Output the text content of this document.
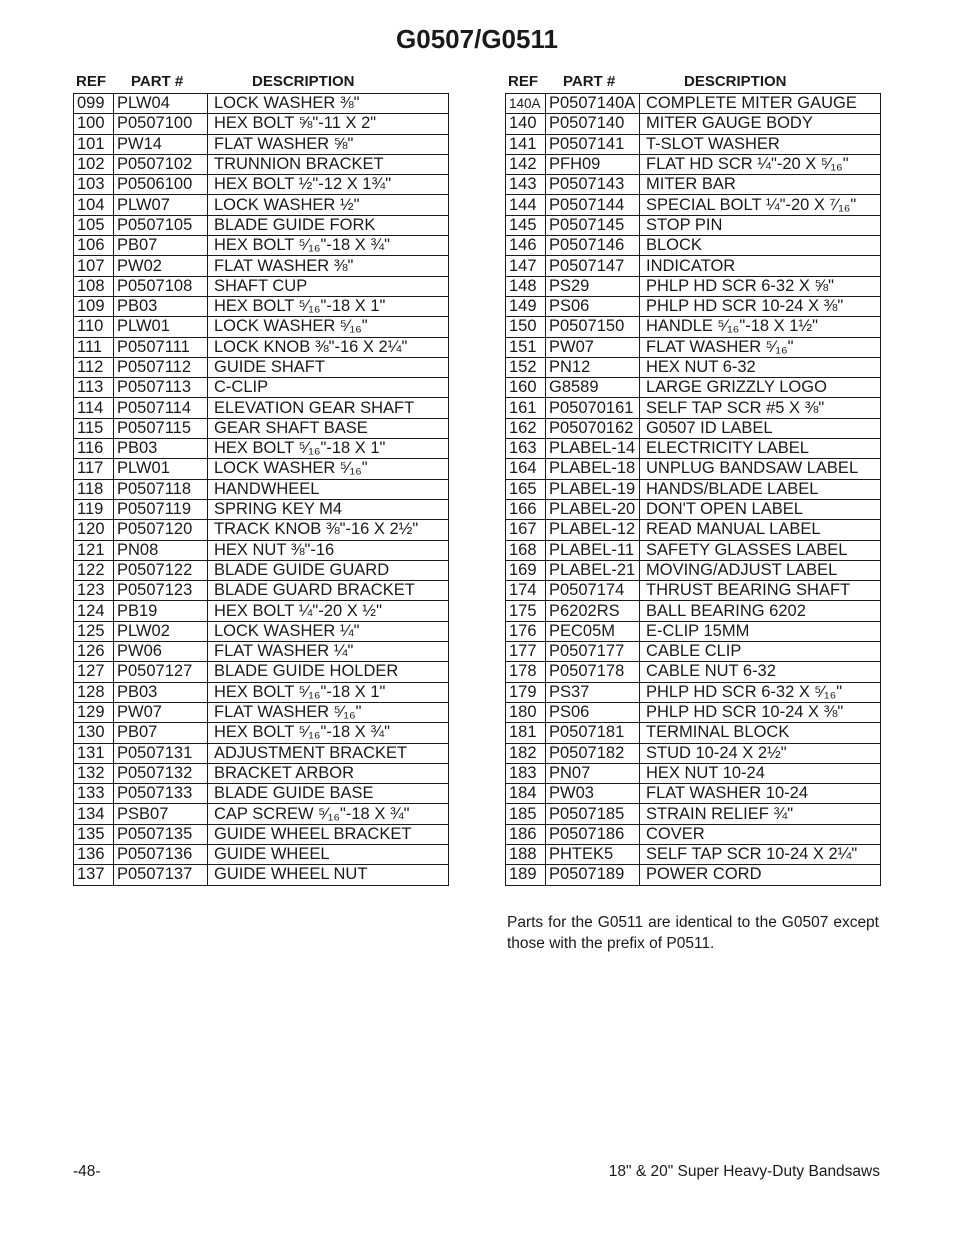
G0507/G0511
REF PART #	DESCRIPTION
099	PLW04	LOCK WASHER ⅜"
100	P0507100	HEX BOLT ⅝"-11 X 2"
101	PW14	FLAT WASHER ⅝"
102	P0507102	TRUNNION BRACKET
103	P0506100	HEX BOLT ½"-12 X 1¾"
104	PLW07	LOCK WASHER ½"
105	P0507105	BLADE GUIDE FORK
106	PB07	HEX BOLT ⁵⁄₁₆"-18 X ¾"
107	PW02	FLAT WASHER ⅜"
108	P0507108	SHAFT CUP
109	PB03	HEX BOLT ⁵⁄₁₆"-18 X 1"
110	PLW01	LOCK WASHER ⁵⁄₁₆"
111	P0507111	LOCK KNOB ⅜"-16 X 2¼"
112	P0507112	GUIDE SHAFT
113	P0507113	C-CLIP
114	P0507114	ELEVATION GEAR SHAFT
115	P0507115	GEAR SHAFT BASE
116	PB03	HEX BOLT ⁵⁄₁₆"-18 X 1"
117	PLW01	LOCK WASHER ⁵⁄₁₆"
118	P0507118	HANDWHEEL
119	P0507119	SPRING KEY M4
120	P0507120	TRACK KNOB ⅜"-16 X 2½"
121	PN08	HEX NUT ⅜"-16
122	P0507122	BLADE GUIDE GUARD
123	P0507123	BLADE GUARD BRACKET
124	PB19	HEX BOLT ¼"-20 X ½"
125	PLW02	LOCK WASHER ¼"
126	PW06	FLAT WASHER ¼"
127	P0507127	BLADE GUIDE HOLDER
128	PB03	HEX BOLT ⁵⁄₁₆"-18 X 1"
129	PW07	FLAT WASHER ⁵⁄₁₆"
130	PB07	HEX BOLT ⁵⁄₁₆"-18 X ¾"
131	P0507131	ADJUSTMENT BRACKET
132	P0507132	BRACKET ARBOR
133	P0507133	BLADE GUIDE BASE
134	PSB07	CAP SCREW ⁵⁄₁₆"-18 X ¾"
135	P0507135	GUIDE WHEEL BRACKET
136	P0507136	GUIDE WHEEL
137	P0507137	GUIDE WHEEL NUT
REF PART #	DESCRIPTION
140A	P0507140A	COMPLETE MITER GAUGE
140	P0507140	MITER GAUGE BODY
141	P0507141	T-SLOT WASHER
142	PFH09	FLAT HD SCR ¼"-20 X ⁵⁄₁₆"
143	P0507143	MITER BAR
144	P0507144	SPECIAL BOLT ¼"-20 X ⁷⁄₁₆"
145	P0507145	STOP PIN
146	P0507146	BLOCK
147	P0507147	INDICATOR
148	PS29	PHLP HD SCR 6-32 X ⅝"
149	PS06	PHLP HD SCR 10-24 X ⅜"
150	P0507150	HANDLE ⁵⁄₁₆"-18 X 1½"
151	PW07	FLAT WASHER ⁵⁄₁₆"
152	PN12	HEX NUT 6-32
160	G8589	LARGE GRIZZLY LOGO
161	P05070161	SELF TAP SCR #5 X ⅜"
162	P05070162	G0507 ID LABEL
163	PLABEL-14	ELECTRICITY LABEL
164	PLABEL-18	UNPLUG BANDSAW LABEL
165	PLABEL-19	HANDS/BLADE LABEL
166	PLABEL-20	DON'T OPEN LABEL
167	PLABEL-12	READ MANUAL LABEL
168	PLABEL-11	SAFETY GLASSES LABEL
169	PLABEL-21	MOVING/ADJUST LABEL
174	P0507174	THRUST BEARING SHAFT
175	P6202RS	BALL BEARING 6202
176	PEC05M	E-CLIP 15MM
177	P0507177	CABLE CLIP
178	P0507178	CABLE NUT 6-32
179	PS37	PHLP HD SCR 6-32 X ⁵⁄₁₆"
180	PS06	PHLP HD SCR 10-24 X ⅜"
181	P0507181	TERMINAL BLOCK
182	P0507182	STUD 10-24 X 2½"
183	PN07	HEX NUT 10-24
184	PW03	FLAT WASHER 10-24
185	P0507185	STRAIN RELIEF ¾"
186	P0507186	COVER
188	PHTEK5	SELF TAP SCR 10-24 X 2¼"
189	P0507189	POWER CORD
Parts for the G0511 are identical to the G0507 except those with the prefix of P0511.
-48-	18" & 20" Super Heavy-Duty Bandsaws
